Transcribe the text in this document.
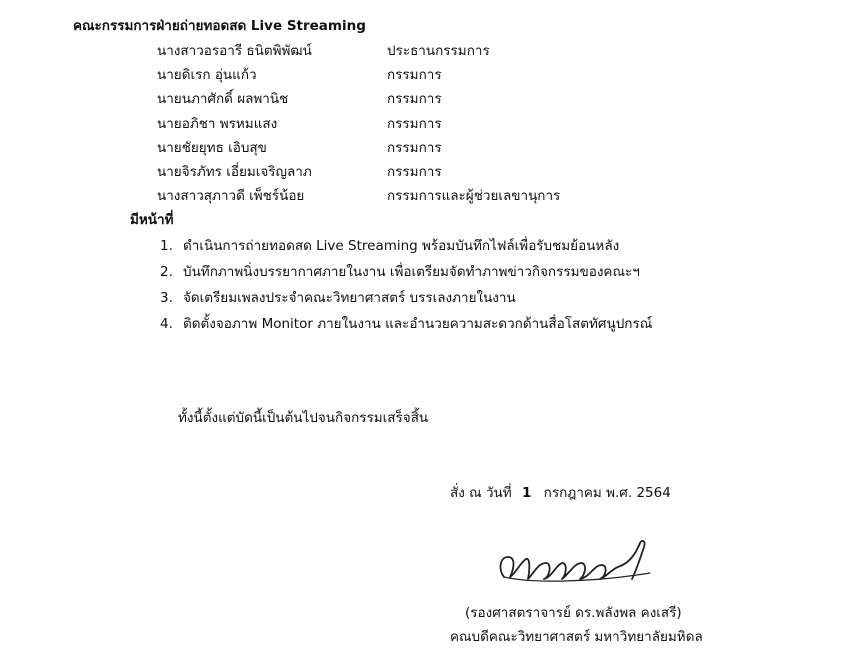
คณะกรรมการฝ่ายถ่ายทอดสด Live Streaming
นางสาวอรอารี ธนิตพิพัฒน์	ประธานกรรมการ
นายดิเรก อุ่นแก้ว	กรรมการ
นายนภาศักดิ์ ผลพานิช	กรรมการ
นายอภิชา พรหมแสง	กรรมการ
นายชัยยุทธ เอิบสุข	กรรมการ
นายจิรภัทร เอี่ยมเจริญลาภ	กรรมการ
นางสาวสุภาวดี เพ็ชร์น้อย	กรรมการและผู้ช่วยเลขานุการ
มีหน้าที่
1. ดำเนินการถ่ายทอดสด Live Streaming พร้อมบันทึกไฟล์เพื่อรับชมย้อนหลัง
2. บันทึกภาพนิ่งบรรยากาศภายในงาน เพื่อเตรียมจัดทำภาพข่าวกิจกรรมของคณะฯ
3. จัดเตรียมเพลงประจำคณะวิทยาศาสตร์ บรรเลงภายในงาน
4. ติดตั้งจอภาพ Monitor ภายในงาน และอำนวยความสะดวกด้านสื่อโสตทัศนูปกรณ์
ทั้งนี้ตั้งแต่บัดนี้เป็นต้นไปจนกิจกรรมเสร็จสิ้น
สั่ง ณ วันที่ 1 กรกฎาคม พ.ศ. 2564
(รองศาสตราจารย์ ดร.พลังพล คงเสรี)
คณบดีคณะวิทยาศาสตร์ มหาวิทยาลัยมหิดล
